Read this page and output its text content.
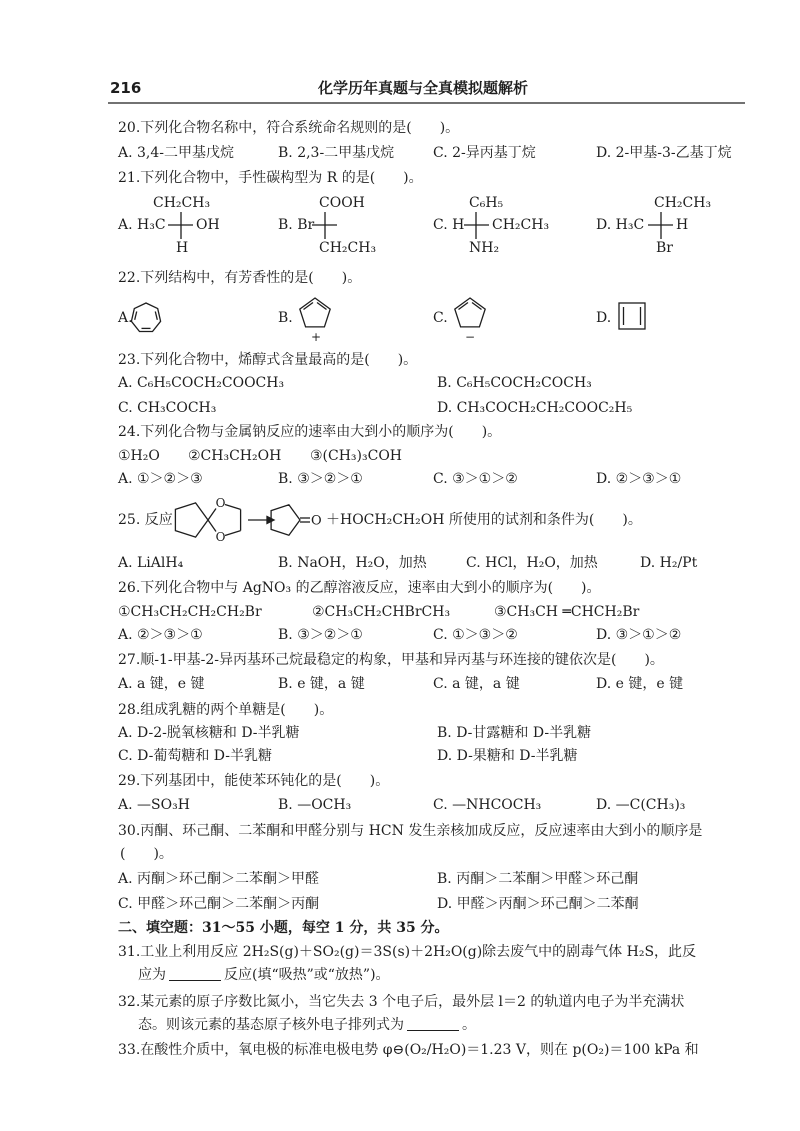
216	化学历年真题与全真模拟题解析
20.下列化合物名称中，符合系统命名规则的是(　　)。
A. 3,4-二甲基戊烷	B. 2,3-二甲基戊烷	C. 2-异丙基丁烷	D. 2-甲基-3-乙基丁烷
21.下列化合物中，手性碳构型为 R 的是(　　)。
A. H₃C
CH₂CH₃
OH
H
B. Br
COOH
CH₂CH₃
C. H
C₆H₅
CH₂CH₃
NH₂
D. H₃C
CH₂CH₃
H
Br
22.下列结构中，有芳香性的是(　　)。
A.	B.	C.	D.
23.下列化合物中，烯醇式含量最高的是(　　)。
A. C₆H₅COCH₂COOCH₃	B. C₆H₅COCH₂COCH₃
C. CH₃COCH₃	D. CH₃COCH₂CH₂COOC₂H₅
24.下列化合物与金属钠反应的速率由大到小的顺序为(　　)。
①H₂O ②CH₃CH₂OH ③(CH₃)₃COH
A. ①＞②＞③	B. ③＞②＞①	C. ③＞①＞②	D. ②＞③＞①
25. 反应	＋HOCH₂CH₂OH 所使用的试剂和条件为(　　)。
A. LiAlH₄	B. NaOH，H₂O，加热	C. HCl，H₂O，加热	D. H₂/Pt
26.下列化合物中与 AgNO₃ 的乙醇溶液反应，速率由大到小的顺序为(　　)。
①CH₃CH₂CH₂CH₂Br	②CH₃CH₂CHBrCH₃	③CH₃CH ═CHCH₂Br
A. ②＞③＞①	B. ③＞②＞①	C. ①＞③＞②	D. ③＞①＞②
27.顺-1-甲基-2-异丙基环己烷最稳定的构象，甲基和异丙基与环连接的键依次是(　　)。
A. a 键，e 键	B. e 键，a 键	C. a 键，a 键	D. e 键，e 键
28.组成乳糖的两个单糖是(　　)。
A. D-2-脱氧核糖和 D-半乳糖	B. D-甘露糖和 D-半乳糖
C. D-葡萄糖和 D-半乳糖	D. D-果糖和 D-半乳糖
29.下列基团中，能使苯环钝化的是(　　)。
A. —SO₃H	B. —OCH₃	C. —NHCOCH₃	D. —C(CH₃)₃
30.丙酮、环己酮、二苯酮和甲醛分别与 HCN 发生亲核加成反应，反应速率由大到小的顺序是
(　　)。
A. 丙酮＞环己酮＞二苯酮＞甲醛	B. 丙酮＞二苯酮＞甲醛＞环己酮
C. 甲醛＞环己酮＞二苯酮＞丙酮	D. 甲醛＞丙酮＞环己酮＞二苯酮
二、填空题：31～55 小题，每空 1 分，共 35 分。
31.工业上利用反应 2H₂S(g)＋SO₂(g)＝3S(s)＋2H₂O(g)除去废气中的剧毒气体 H₂S，此反
应为	反应(填“吸热”或“放热”)。
32.某元素的原子序数比氮小，当它失去 3 个电子后，最外层 l＝2 的轨道内电子为半充满状
态。则该元素的基态原子核外电子排列式为	。
33.在酸性介质中，氧电极的标准电极电势 φ⊖(O₂/H₂O)＝1.23 V，则在 p(O₂)＝100 kPa 和
+	−
O
O
O
